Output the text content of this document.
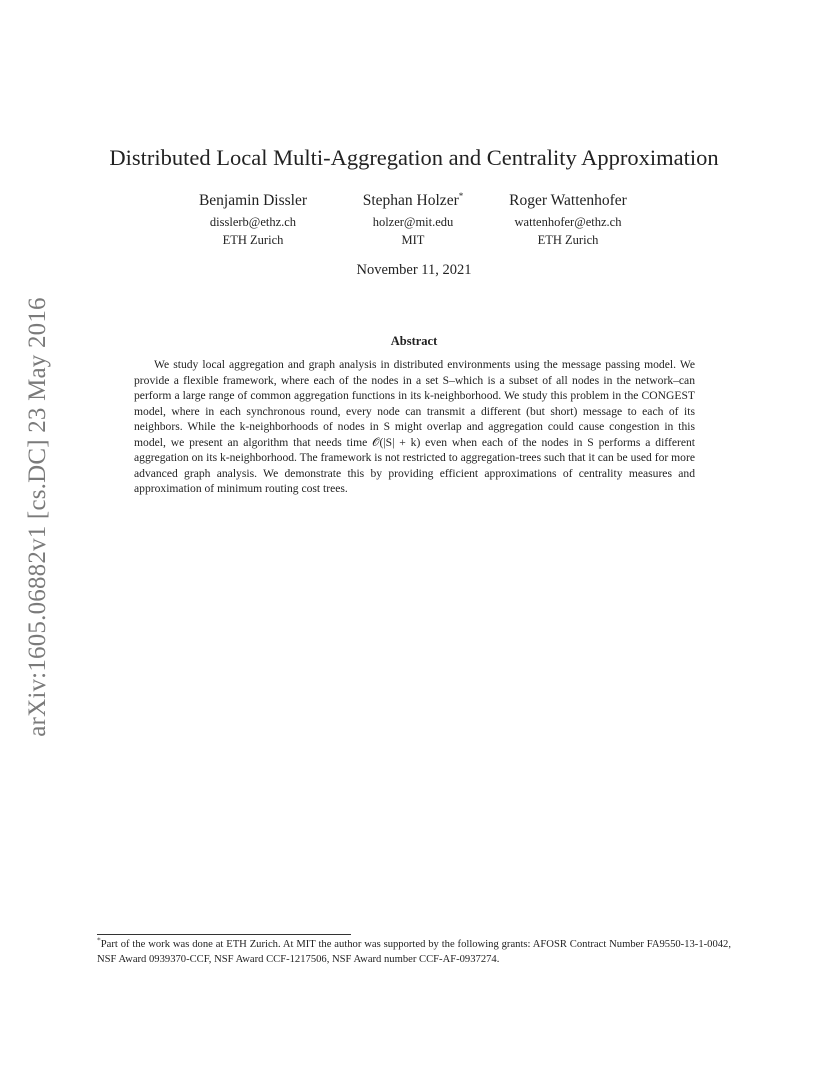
arXiv:1605.06882v1 [cs.DC] 23 May 2016
Distributed Local Multi-Aggregation and Centrality Approximation
Benjamin Dissler
disslerb@ethz.ch
ETH Zurich
Stephan Holzer*
holzer@mit.edu
MIT
Roger Wattenhofer
wattenhofer@ethz.ch
ETH Zurich
November 11, 2021
Abstract

We study local aggregation and graph analysis in distributed environments using the message passing model. We provide a flexible framework, where each of the nodes in a set S–which is a subset of all nodes in the network–can perform a large range of common aggregation functions in its k-neighborhood. We study this problem in the CONGEST model, where in each synchronous round, every node can transmit a different (but short) message to each of its neighbors. While the k-neighborhoods of nodes in S might overlap and aggregation could cause congestion in this model, we present an algorithm that needs time 𝒪(|S| + k) even when each of the nodes in S performs a different aggregation on its k-neighborhood. The framework is not restricted to aggregation-trees such that it can be used for more advanced graph analysis. We demonstrate this by providing efficient approximations of centrality measures and approximation of minimum routing cost trees.

*Part of the work was done at ETH Zurich. At MIT the author was supported by the following grants: AFOSR Contract Number FA9550-13-1-0042, NSF Award 0939370-CCF, NSF Award CCF-1217506, NSF Award number CCF-AF-0937274.
